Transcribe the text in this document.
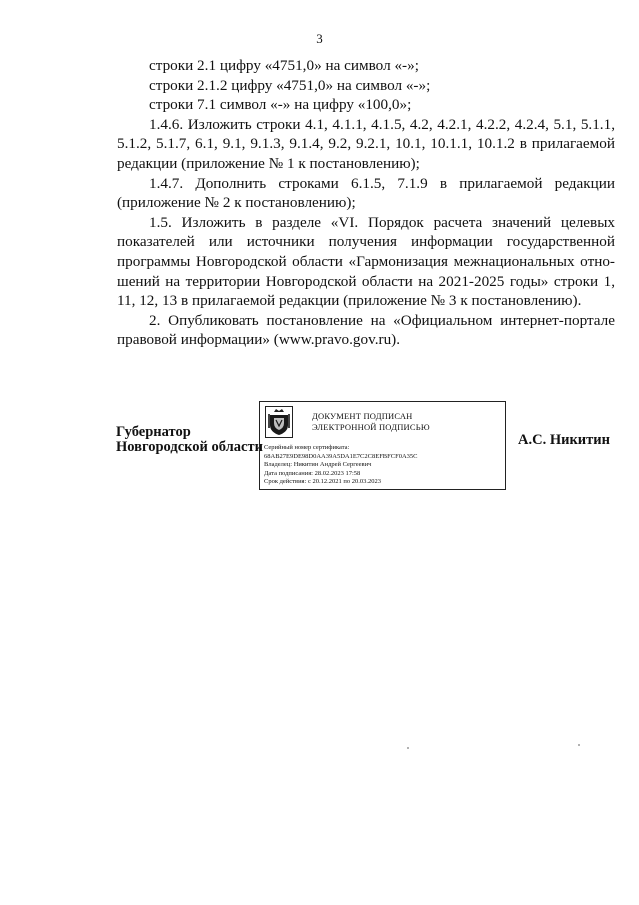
3

строки 2.1 цифру «4751,0» на символ «-»;

строки 2.1.2 цифру «4751,0» на символ «-»;

строки 7.1 символ «-» на цифру «100,0»;

1.4.6. Изложить строки 4.1, 4.1.1, 4.1.5, 4.2, 4.2.1, 4.2.2, 4.2.4, 5.1, 5.1.1, 5.1.2, 5.1.7, 6.1, 9.1, 9.1.3, 9.1.4, 9.2, 9.2.1, 10.1, 10.1.1, 10.1.2 в прилагаемой редакции (приложение № 1 к постановлению);

1.4.7. Дополнить строками 6.1.5, 7.1.9 в прилагаемой редакции (приложение № 2 к постановлению);

1.5. Изложить в разделе «VI. Порядок расчета значений целевых показателей или источники получения информации государственной программы Новгородской области «Гармонизация межнациональных отно-шений на территории Новгородской области на 2021-2025 годы» строки 1, 11, 12, 13 в прилагаемой редакции (приложение № 3 к постановлению).

2. Опубликовать постановление на «Официальном интернет-портале правовой информации» (www.pravo.gov.ru).

Губернатор
Новгородской области
ДОКУМЕНТ ПОДПИСАН
ЭЛЕКТРОННОЙ ПОДПИСЬЮ
Серийный номер сертификата:
68AB27E9DE98D0AA39A5DA1E7C2C8EFBFCF0A35C
Владелец: Никитин Андрей Сергеевич
Дата подписания: 28.02.2023 17:58
Срок действия: с 20.12.2021 по 20.03.2023
А.С. Никитин
